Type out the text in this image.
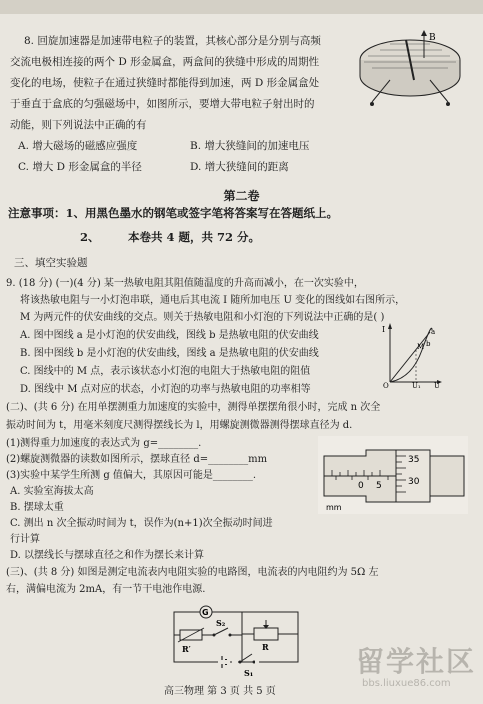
8. 回旋加速器是加速带电粒子的装置，其核心部分是分别与高频
交流电极相连接的两个 D 形金属盒，两盒间的狭缝中形成的周期性
变化的电场，使粒子在通过狭缝时都能得到加速，两 D 形金属盒处
于垂直于盒底的匀强磁场中，如图所示，要增大带电粒子射出时的
动能，则下列说法中正确的有
A. 增大磁场的磁感应强度	B. 增大狭缝间的加速电压
C. 增大 D 形金属盒的半径	D. 增大狭缝间的距离
B
第二卷
注意事项：1、用黑色墨水的钢笔或签字笔将答案写在答题纸上。
2、 本卷共 4 题，共 72 分。
三、填空实验题
9. (18 分) (一)(4 分) 某一热敏电阻其阻值随温度的升高而减小，在一次实验中，
将该热敏电阻与一小灯泡串联，通电后其电流 I 随所加电压 U 变化的图线如右图所示，
M 为两元件的伏安曲线的交点。则关于热敏电阻和小灯泡的下列说法中正确的是( )
A. 图中图线 a 是小灯泡的伏安曲线，图线 b 是热敏电阻的伏安曲线
B. 图中图线 b 是小灯泡的伏安曲线，图线 a 是热敏电阻的伏安曲线
C. 图线中的 M 点，表示该状态小灯泡的电阻大于热敏电阻的阻值
D. 图线中 M 点对应的状态，小灯泡的功率与热敏电阻的功率相等
I
M
a
b
O	U₁ U
(二)、(共 6 分) 在用单摆测重力加速度的实验中，测得单摆摆角很小时，完成 n 次全
振动时间为 t，用毫米刻度尺测得摆线长为 l，用螺旋测微器测得摆球直径为 d.
(1)测得重力加速度的表达式为 g=________.
(2)螺旋测微器的读数如图所示，摆球直径 d=________mm
(3)实验中某学生所测 g 值偏大，其原因可能是________.
A. 实验室海拔太高
B. 摆球太重
C. 测出 n 次全振动时间为 t，误作为(n+1)次全振动时间进
行计算
D. 以摆线长与摆球直径之和作为摆长来计算
35
30
0 5
mm
(三)、(共 8 分) 如图是测定电流表内电阻实验的电路图，电流表的内电阻约为 5Ω 左
右，满偏电流为 2mA，有一节干电池作电源.
G
S₂
R′	R
S₁
高三物理 第 3 页 共 5 页
留学社区
bbs.liuxue86.com
